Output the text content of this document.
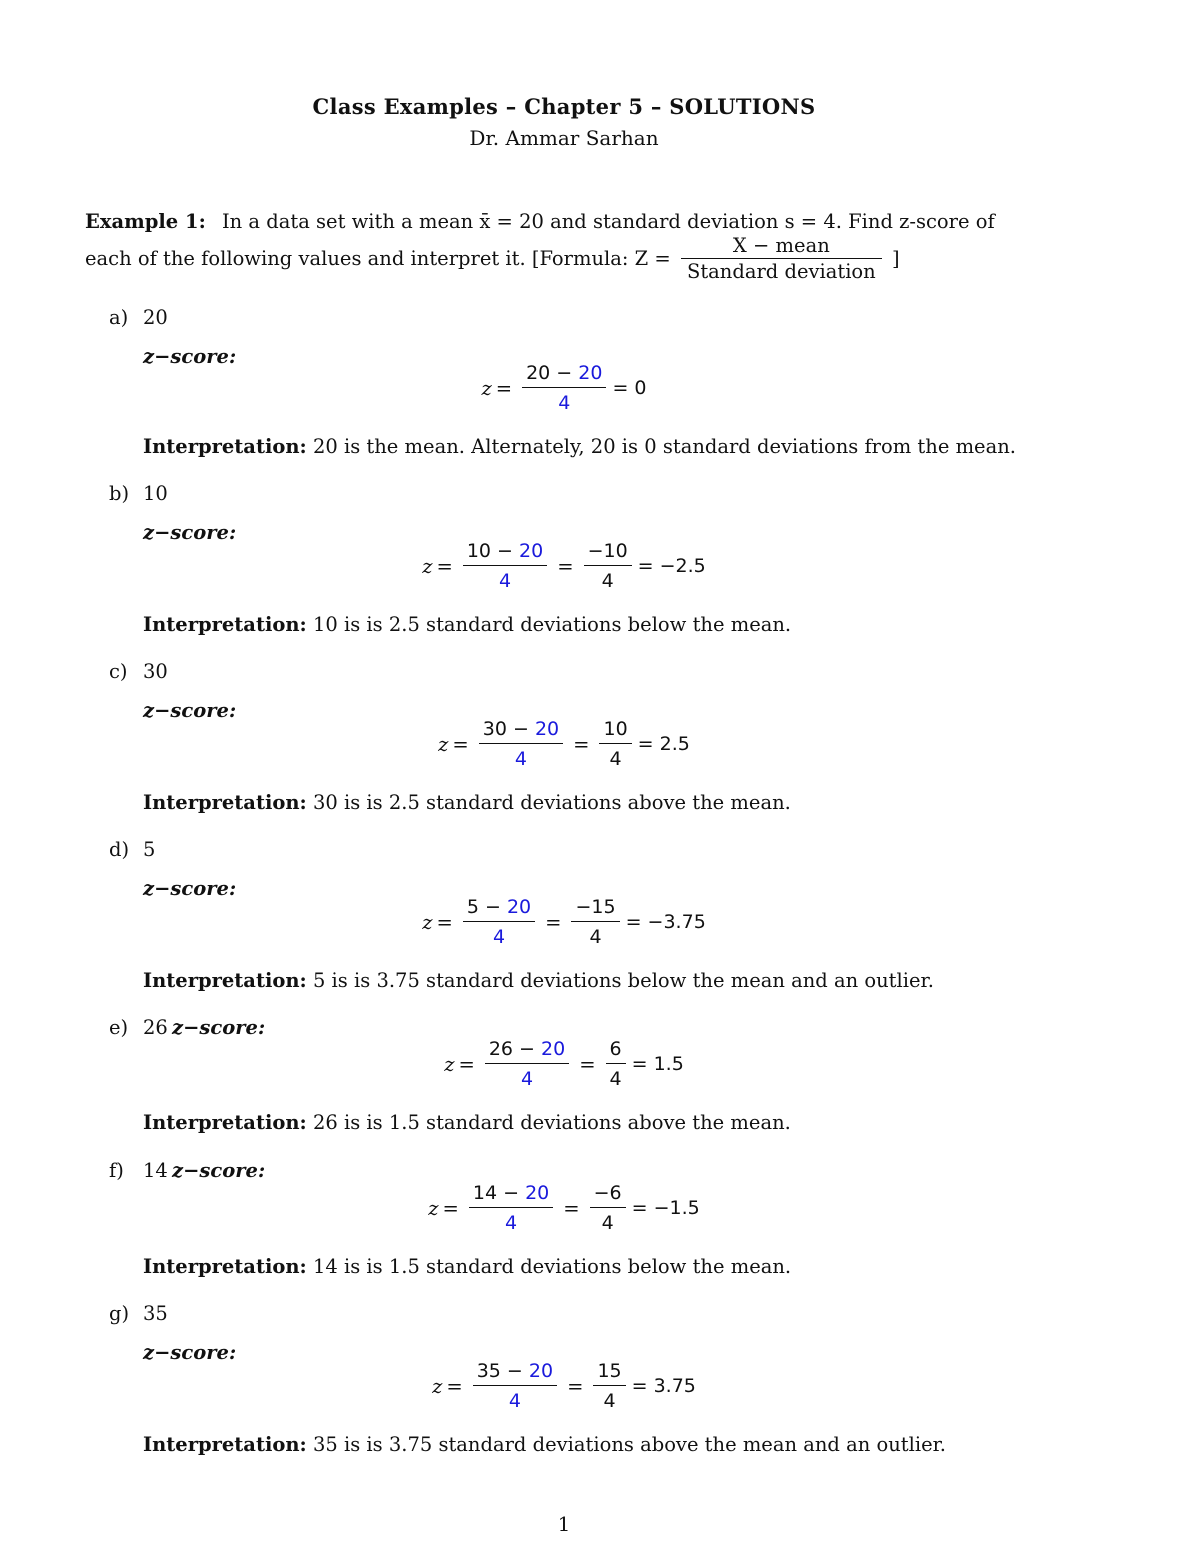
Class Examples – Chapter 5 – SOLUTIONS
Dr. Ammar Sarhan
Example 1: In a data set with a mean x̄ = 20 and standard deviation s = 4. Find z-score of
each of the following values and interpret it. [Formula: $Z = \frac{\text{X − mean}}{\text{Standard deviation}}$ ]
a) 20
z−score:
$z = \frac{20 - 20}{4} = 0$
Interpretation: 20 is the mean. Alternately, 20 is 0 standard deviations from the mean.
b) 10
z−score:
$z = \frac{10 - 20}{4} = \frac{-10}{4} = -2.5$
Interpretation: 10 is is 2.5 standard deviations below the mean.
c) 30
z−score:
$z = \frac{30 - 20}{4} = \frac{10}{4} = 2.5$
Interpretation: 30 is is 2.5 standard deviations above the mean.
d) 5
z−score:
$z = \frac{5 - 20}{4} = \frac{-15}{4} = -3.75$
Interpretation: 5 is is 3.75 standard deviations below the mean and an outlier.
e) 26 z−score:
$z = \frac{26 - 20}{4} = \frac{6}{4} = 1.5$
Interpretation: 26 is is 1.5 standard deviations above the mean.
f) 14 z−score:
$z = \frac{14 - 20}{4} = \frac{-6}{4} = -1.5$
Interpretation: 14 is is 1.5 standard deviations below the mean.
g) 35
z−score:
$z = \frac{35 - 20}{4} = \frac{15}{4} = 3.75$
Interpretation: 35 is is 3.75 standard deviations above the mean and an outlier.
1
